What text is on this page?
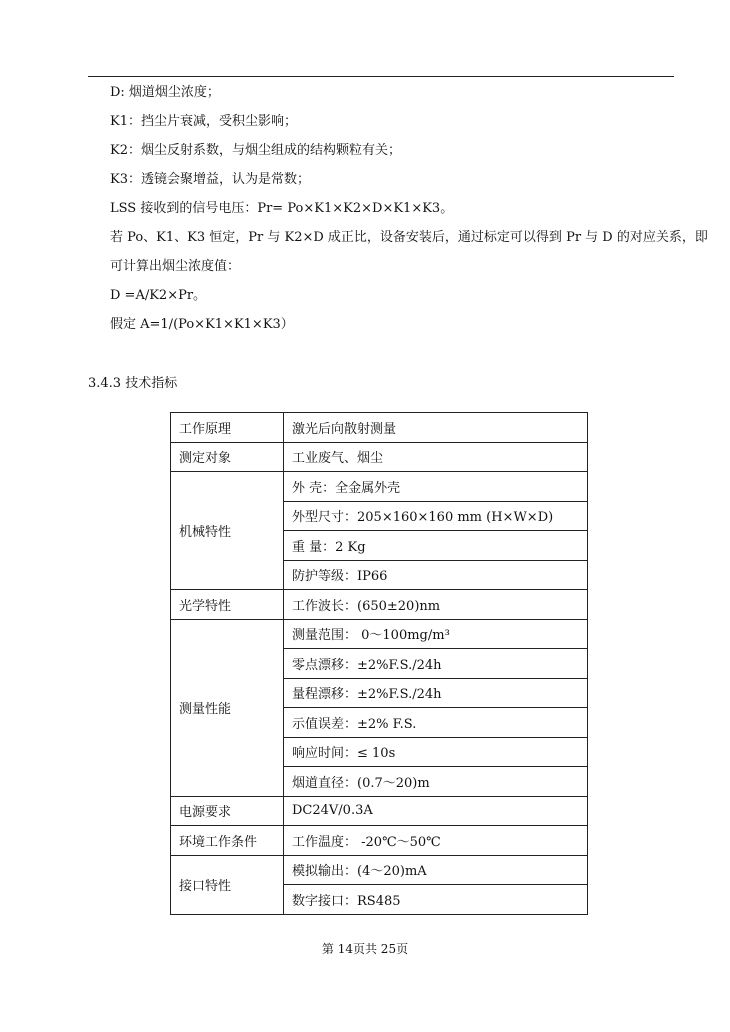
D: 烟道烟尘浓度；
K1：挡尘片衰减，受积尘影响；
K2：烟尘反射系数，与烟尘组成的结构颗粒有关；
K3：透镜会聚增益，认为是常数；
LSS 接收到的信号电压：Pr= Po×K1×K2×D×K1×K3。
若 Po、K1、K3 恒定，Pr 与 K2×D 成正比，设备安装后，通过标定可以得到 Pr 与 D 的对应关系，即
可计算出烟尘浓度值：
D =A/K2×Pr。
假定 A=1/(Po×K1×K1×K3）
3.4.3 技术指标
工作原理	激光后向散射测量
测定对象	工业废气、烟尘
机械特性	外 壳：全金属外壳
	外型尺寸：205×160×160 mm (H×W×D)
	重 量：2 Kg
	防护等级：IP66
光学特性	工作波长：(650±20)nm
测量性能	测量范围： 0～100mg/m³
	零点漂移：±2%F.S./24h
	量程漂移：±2%F.S./24h
	示值误差：±2% F.S.
	响应时间：≤ 10s
	烟道直径：(0.7～20)m
电源要求	DC24V/0.3A
环境工作条件	工作温度： -20℃～50℃
接口特性	模拟输出：(4～20)mA
	数字接口：RS485
第 14页共 25页
